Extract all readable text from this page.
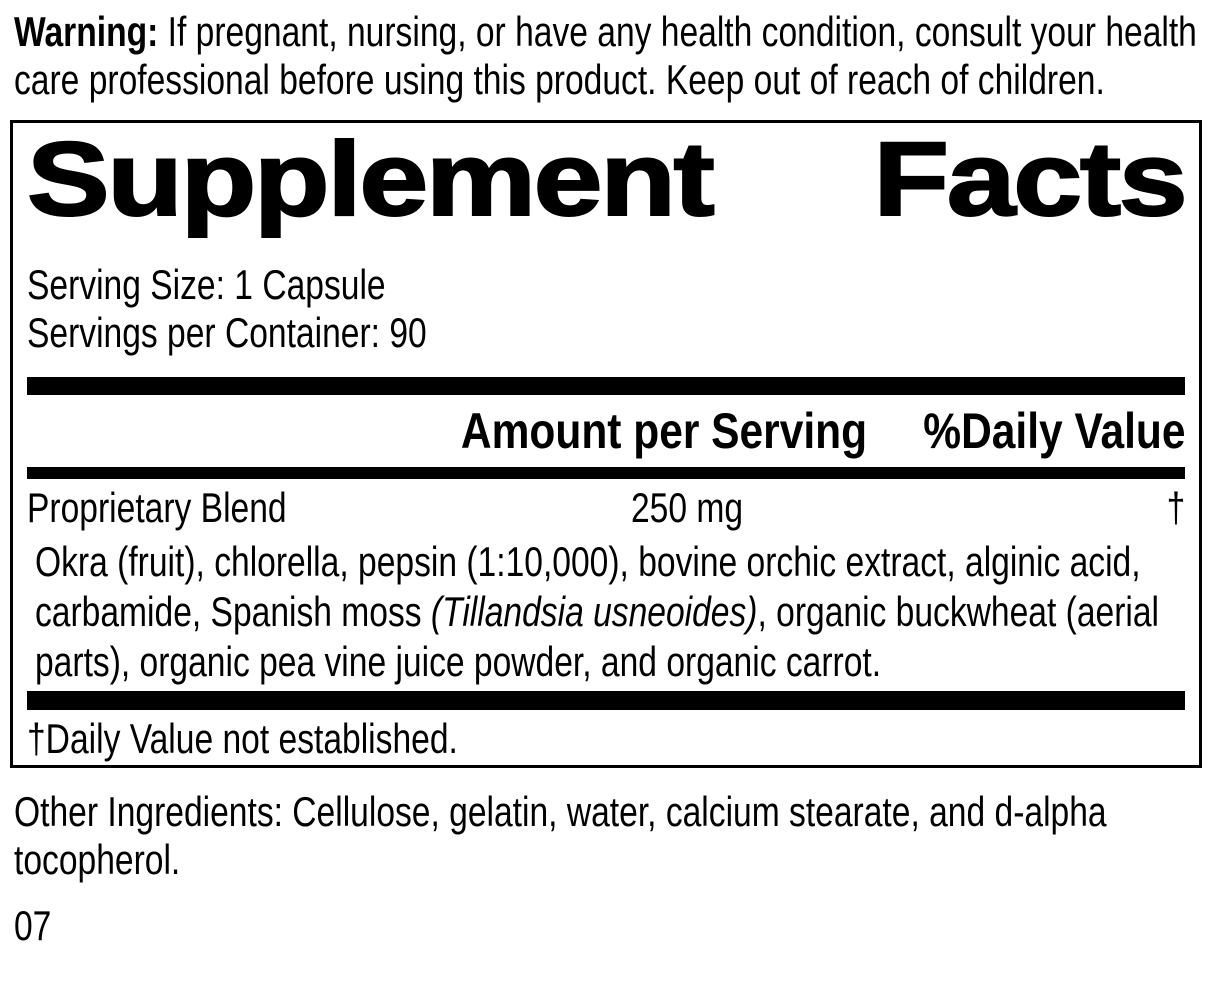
Warning: If pregnant, nursing, or have any health condition, consult your health care professional before using this product. Keep out of reach of children.
Supplement Facts
Serving Size: 1 Capsule
Servings per Container: 90
Amount per Serving	%Daily Value
Proprietary Blend	250 mg	†
Okra (fruit), chlorella, pepsin (1:10,000), bovine orchic extract, alginic acid, carbamide, Spanish moss (Tillandsia usneoides), organic buckwheat (aerial parts), organic pea vine juice powder, and organic carrot.
†Daily Value not established.
Other Ingredients: Cellulose, gelatin, water, calcium stearate, and d-alpha tocopherol.
07
